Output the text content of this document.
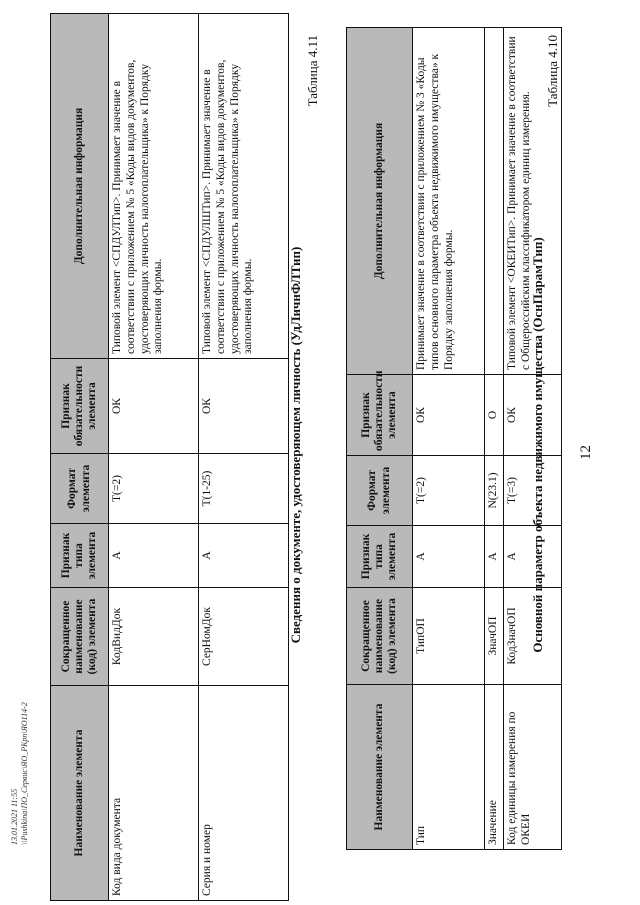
12
Таблица 4.10
Основной параметр объекта недвижимого имущества (ОснПарамТип)
Наименование элемента	Сокращенное наименование (код) элемента	Признак типа элемента	Формат элемента	Признак обязательности элемента	Дополнительная информация
Тип	ТипОП	А	T(=2)	ОК	Принимает значение в соответствии с приложением № 3 «Коды типов основного параметра объекта недвижимого имущества» к Порядку заполнения формы.
Значение	ЗначОП	А	N(23.1)	О	
Код единицы измерения по ОКЕИ	КодЗначОП	А	T(=3)	ОК	Типовой элемент <ОКЕИТип>. Принимает значение в соответствии с Общероссийским классификатором единиц измерения.
Таблица 4.11
Сведения о документе, удостоверяющем личность (УдЛичнФЛТип)
Наименование элемента	Сокращенное наименование (код) элемента	Признак типа элемента	Формат элемента	Признак обязательности элемента	Дополнительная информация
Код вида документа	КодВидДок	А	T(=2)	ОК	Типовой элемент <СПДУЛТип>. Принимает значение в соответствии с приложением № 5 «Коды видов документов, удостоверяющих личность налогоплательщика» к Порядку заполнения формы.
Серия и номер	СерНомДок	А	T(1-25)	ОК	Типовой элемент <СПДУЛШТип>. Принимает значение в соответствии с приложением № 5 «Коды видов документов, удостоверяющих личность налогоплательщика» к Порядку заполнения формы.
13.01.2021 11:55 \\Pushkina\ПО_Сервис\ЯО_РКрп\ЯО114-2
